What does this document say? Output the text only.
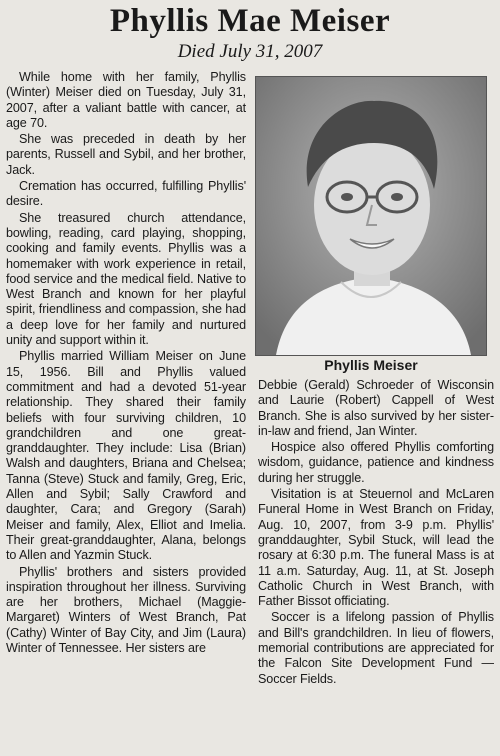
Phyllis Mae Meiser
Died July 31, 2007

While home with her family, Phyllis (Winter) Meiser died on Tuesday, July 31, 2007, after a valiant battle with cancer, at age 70.

She was preceded in death by her parents, Russell and Sybil, and her brother, Jack.

Cremation has occurred, fulfilling Phyllis' desire.

She treasured church attendance, bowling, reading, card playing, shopping, cooking and family events. Phyllis was a homemaker with work experience in retail, food service and the medical field. Native to West Branch and known for her playful spirit, friendliness and compassion, she had a deep love for her family and nurtured unity and support within it.

Phyllis married William Meiser on June 15, 1956. Bill and Phyllis valued commitment and had a devoted 51-year relationship. They shared their family beliefs with four surviving children, 10 grandchildren and one great-granddaughter. They include: Lisa (Brian) Walsh and daughters, Briana and Chelsea; Tanna (Steve) Stuck and family, Greg, Eric, Allen and Sybil; Sally Crawford and daughter, Cara; and Gregory (Sarah) Meiser and family, Alex, Elliot and Imelia. Their great-granddaughter, Alana, belongs to Allen and Yazmin Stuck.

Phyllis' brothers and sisters provided inspiration throughout her illness. Surviving are her brothers, Michael (Maggie-Margaret) Winters of West Branch, Pat (Cathy) Winter of Bay City, and Jim (Laura) Winter of Tennessee. Her sisters are

Phyllis Meiser

Debbie (Gerald) Schroeder of Wisconsin and Laurie (Robert) Cappell of West Branch. She is also survived by her sister-in-law and friend, Jan Winter.

Hospice also offered Phyllis comforting wisdom, guidance, patience and kindness during her struggle.

Visitation is at Steuernol and McLaren Funeral Home in West Branch on Friday, Aug. 10, 2007, from 3-9 p.m. Phyllis' granddaughter, Sybil Stuck, will lead the rosary at 6:30 p.m. The funeral Mass is at 11 a.m. Saturday, Aug. 11, at St. Joseph Catholic Church in West Branch, with Father Bissot officiating.

Soccer is a lifelong passion of Phyllis and Bill's grandchildren. In lieu of flowers, memorial contributions are appreciated for the Falcon Site Development Fund — Soccer Fields.
